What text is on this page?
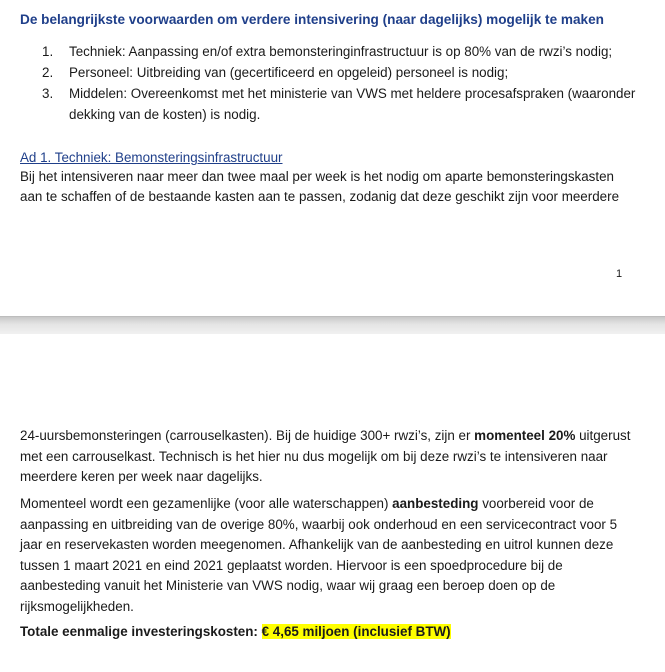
De belangrijkste voorwaarden om verdere intensivering (naar dagelijks) mogelijk te maken
1. Techniek: Aanpassing en/of extra bemonsteringinfrastructuur is op 80% van de rwzi’s nodig;
2. Personeel: Uitbreiding van (gecertificeerd en opgeleid) personeel is nodig;
3. Middelen: Overeenkomst met het ministerie van VWS met heldere procesafspraken (waaronder dekking van de kosten) is nodig.
Ad 1. Techniek: Bemonsteringsinfrastructuur

Bij het intensiveren naar meer dan twee maal per week is het nodig om aparte bemonsteringskasten aan te schaffen of de bestaande kasten aan te passen, zodanig dat deze geschikt zijn voor meerdere

1

24-uursbemonsteringen (carrouselkasten). Bij de huidige 300+ rwzi’s, zijn er momenteel 20% uitgerust met een carrouselkast. Technisch is het hier nu dus mogelijk om bij deze rwzi’s te intensiveren naar meerdere keren per week naar dagelijks.

Momenteel wordt een gezamenlijke (voor alle waterschappen) aanbesteding voorbereid voor de aanpassing en uitbreiding van de overige 80%, waarbij ook onderhoud en een servicecontract voor 5 jaar en reservekasten worden meegenomen. Afhankelijk van de aanbesteding en uitrol kunnen deze tussen 1 maart 2021 en eind 2021 geplaatst worden. Hiervoor is een spoedprocedure bij de aanbesteding vanuit het Ministerie van VWS nodig, waar wij graag een beroep doen op de rijksmogelijkheden.

Totale eenmalige investeringskosten: € 4,65 miljoen (inclusief BTW)
